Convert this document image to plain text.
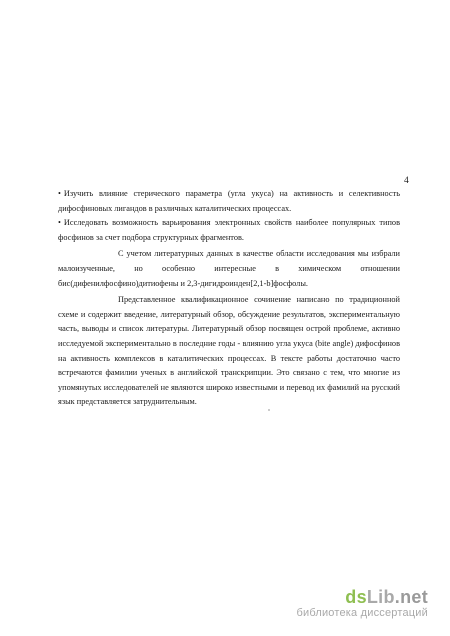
4

• Изучить влияние стерического параметра (угла укуса) на активность и селективность дифосфиновых лигандов в различных каталитических процессах.

• Исследовать возможность варьирования электронных свойств наиболее популярных типов фосфинов за счет подбора структурных фрагментов.

С учетом литературных данных в качестве области исследования мы избрали малоизученные, но особенно интересные в химическом отношении бис(дифенилфосфино)дитиофены и 2,3-дигидроинден[2,1-b]фосфолы.

Представленное квалификационное сочинение написано по традиционной схеме и содержит введение, литературный обзор, обсуждение результатов, экспериментальную часть, выводы и список литературы. Литературный обзор посвящен острой проблеме, активно исследуемой экспериментально в последние годы - влиянию угла укуса (bite angle) дифосфинов на активность комплексов в каталитических процессах. В тексте работы достаточно часто встречаются фамилии ученых в английской транскрипции. Это связано с тем, что многие из упомянутых исследователей не являются широко известными и перевод их фамилий на русский язык представляется затруднительным.

dsLib.net
библиотека диссертаций
